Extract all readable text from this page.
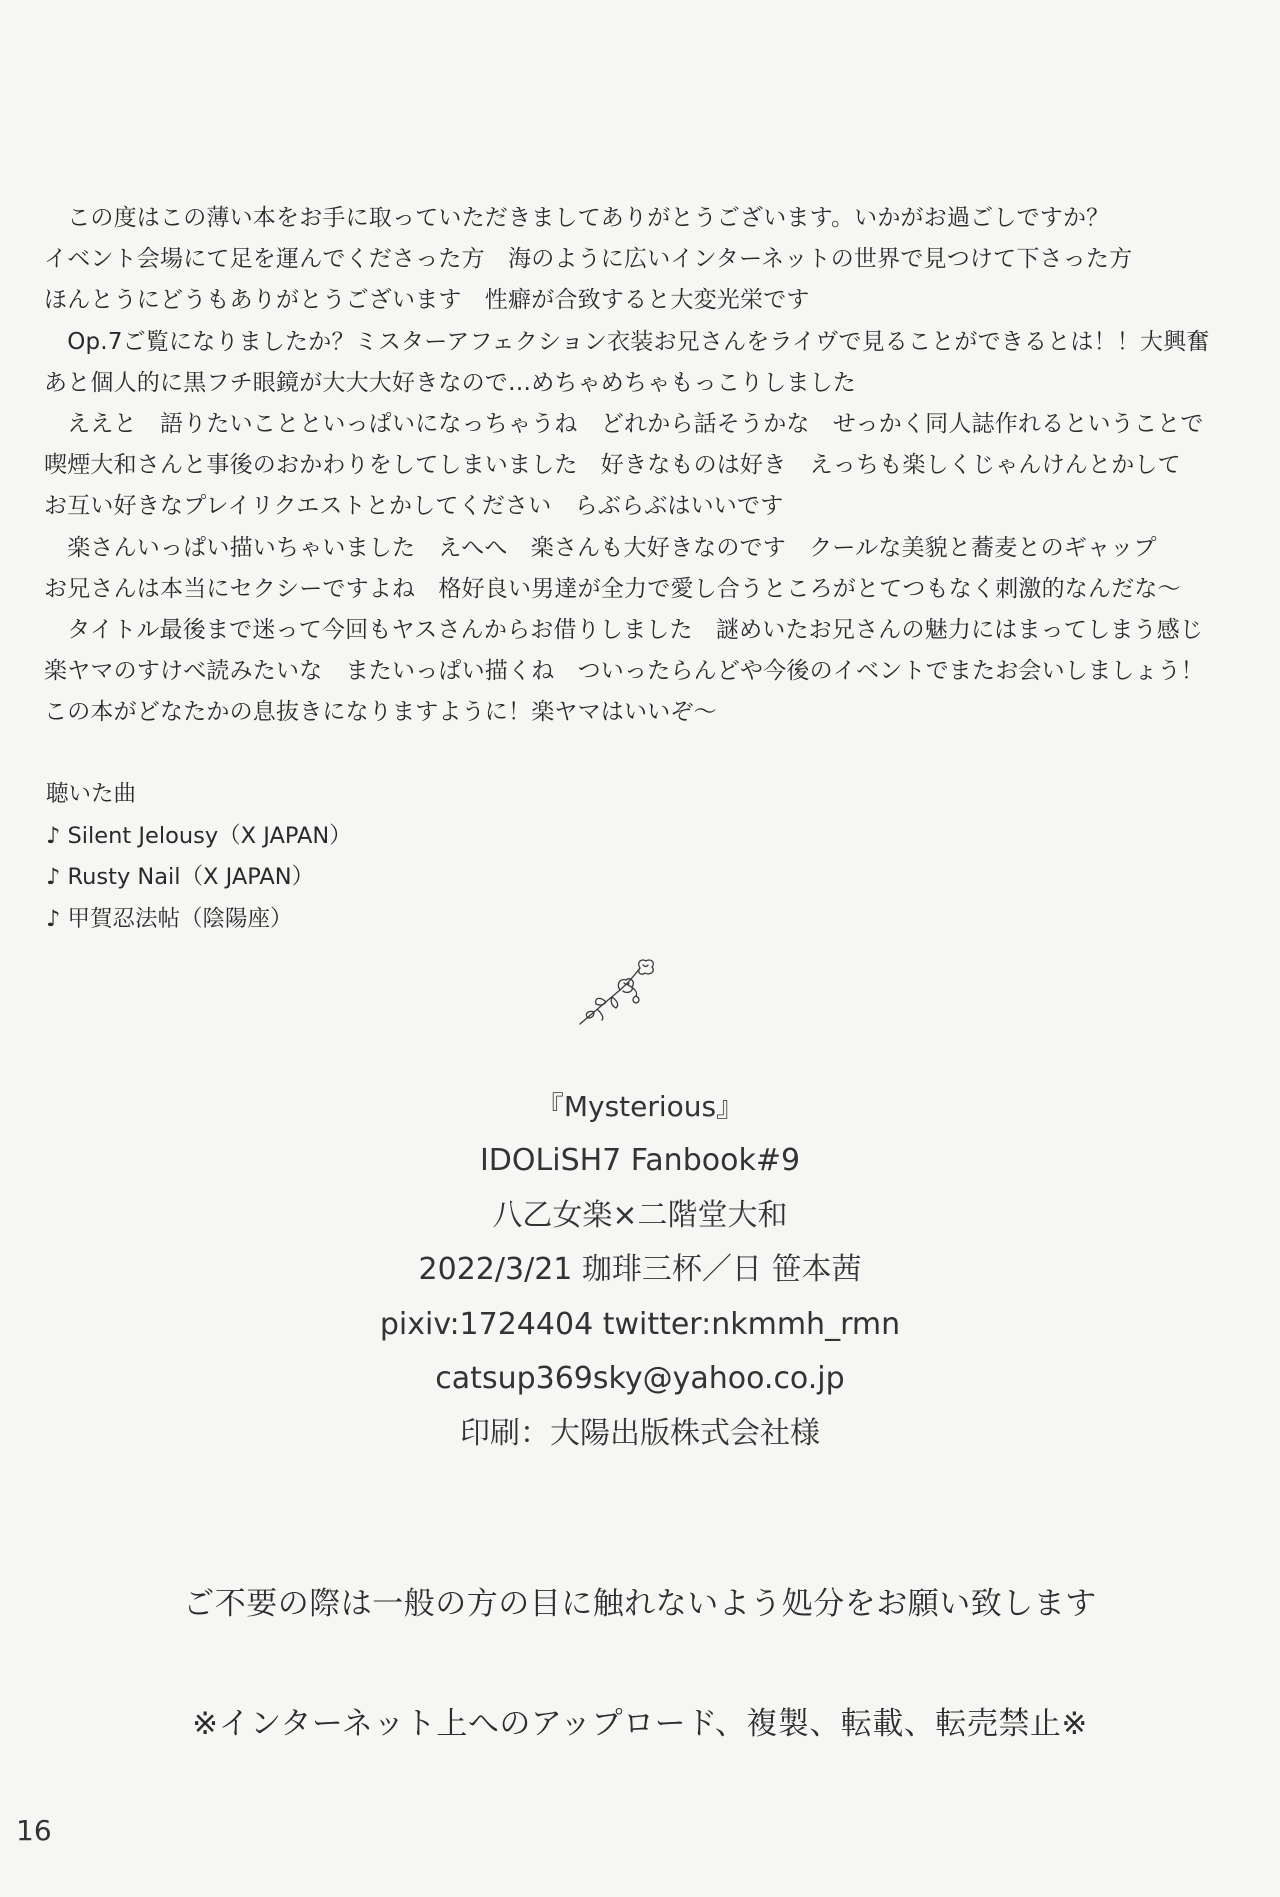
　この度はこの薄い本をお手に取っていただきましてありがとうございます。いかがお過ごしですか？
イベント会場にて足を運んでくださった方　海のように広いインターネットの世界で見つけて下さった方
ほんとうにどうもありがとうございます　性癖が合致すると大変光栄です
　Op.7ご覧になりましたか？ミスターアフェクション衣装お兄さんをライヴで見ることができるとは！！大興奮
あと個人的に黒フチ眼鏡が大大大好きなので…めちゃめちゃもっこりしました
　ええと　語りたいことといっぱいになっちゃうね　どれから話そうかな　せっかく同人誌作れるということで
喫煙大和さんと事後のおかわりをしてしまいました　好きなものは好き　えっちも楽しくじゃんけんとかして
お互い好きなプレイリクエストとかしてください　らぶらぶはいいです
　楽さんいっぱい描いちゃいました　えへへ　楽さんも大好きなのです　クールな美貌と蕎麦とのギャップ
お兄さんは本当にセクシーですよね　格好良い男達が全力で愛し合うところがとてつもなく刺激的なんだな～
　タイトル最後まで迷って今回もヤスさんからお借りしました　謎めいたお兄さんの魅力にはまってしまう感じ
楽ヤマのすけべ読みたいな　またいっぱい描くね　ついったらんどや今後のイベントでまたお会いしましょう！
この本がどなたかの息抜きになりますように！楽ヤマはいいぞ～
聴いた曲
♪ Silent Jelousy（X JAPAN）
♪ Rusty Nail（X JAPAN）
♪ 甲賀忍法帖（陰陽座）
『Mysterious』
IDOLiSH7 Fanbook#9
八乙女楽×二階堂大和
2022/3/21 珈琲三杯／日 笹本茜
pixiv:1724404 twitter:nkmmh_rmn
catsup369sky@yahoo.co.jp
印刷：大陽出版株式会社様
ご不要の際は一般の方の目に触れないよう処分をお願い致します
※インターネット上へのアップロード、複製、転載、転売禁止※
16
